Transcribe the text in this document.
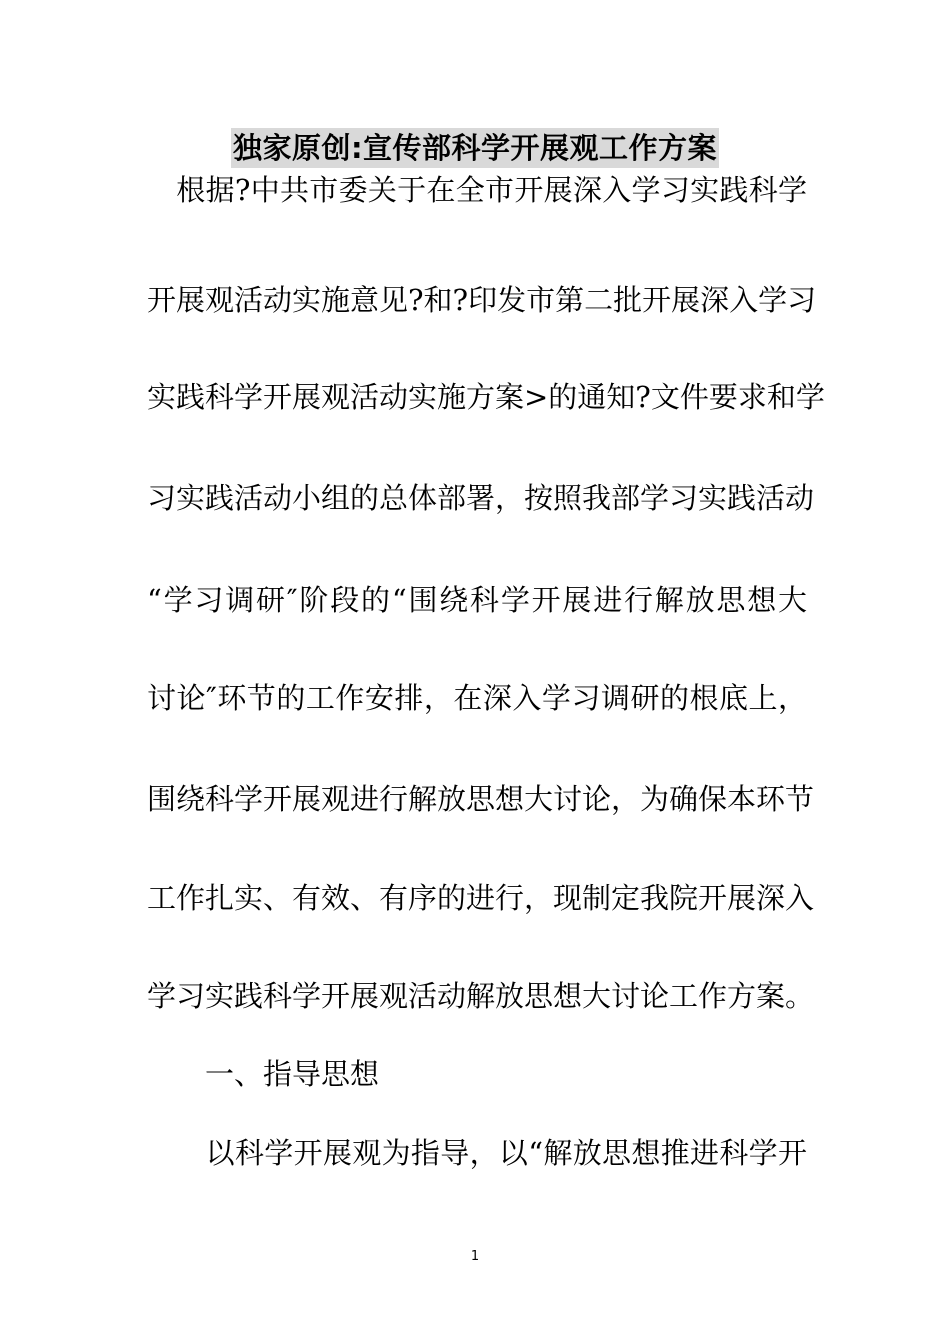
独家原创:宣传部科学开展观工作方案
　根据?中共市委关于在全市开展深入学习实践科学
开展观活动实施意见?和?印发市第二批开展深入学习
实践科学开展观活动实施方案>的通知?文件要求和学
习实践活动小组的总体部署，按照我部学习实践活动
“学习调研″阶段的“围绕科学开展进行解放思想大
讨论″环节的工作安排，在深入学习调研的根底上，
围绕科学开展观进行解放思想大讨论，为确保本环节
工作扎实、有效、有序的进行，现制定我院开展深入
学习实践科学开展观活动解放思想大讨论工作方案。
　　一、指导思想
　　以科学开展观为指导，以“解放思想推进科学开
1
